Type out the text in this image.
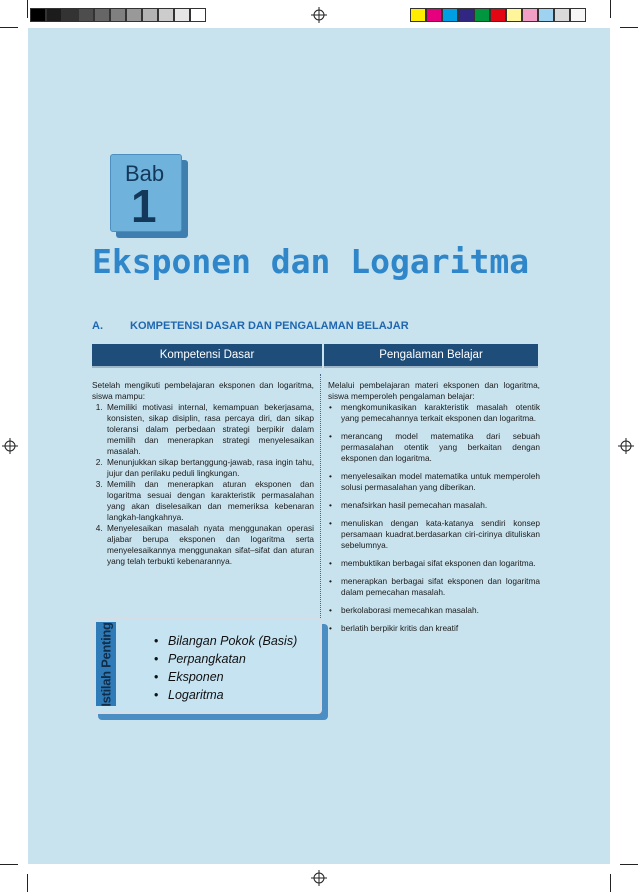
Bab
1
Eksponen dan Logaritma
A. KOMPETENSI DASAR DAN PENGALAMAN BELAJAR
Kompetensi Dasar	Pengalaman Belajar

Setelah mengikuti pembelajaran eksponen dan logaritma, siswa mampu:

1. Memiliki motivasi internal, kemampuan bekerjasama, konsisten, sikap disiplin, rasa percaya diri, dan sikap toleransi dalam perbedaan strategi berpikir dalam memilih dan menerapkan strategi menyelesaikan masalah.
2. Menunjukkan sikap bertanggung-jawab, rasa ingin tahu, jujur dan perilaku peduli lingkungan.
3. Memilih dan menerapkan aturan eksponen dan logaritma sesuai dengan karakteristik permasalahan yang akan diselesaikan dan memeriksa kebenaran langkah-langkahnya.
4. Menyelesaikan masalah nyata menggunakan operasi aljabar berupa eksponen dan logaritma serta menyelesaikannya menggunakan sifat–sifat dan aturan yang telah terbukti kebenarannya.

Melalui pembelajaran materi eksponen dan logaritma, siswa memperoleh pengalaman belajar:

• mengkomunikasikan karakteristik masalah otentik yang pemecahannya terkait eksponen dan logaritma.
• merancang model matematika dari sebuah permasalahan otentik yang berkaitan dengan eksponen dan logaritma.
• menyelesaikan model matematika untuk memperoleh solusi permasalahan yang diberikan.
• menafsirkan hasil pemecahan masalah.
• menuliskan dengan kata-katanya sendiri konsep persamaan kuadrat.berdasarkan ciri-cirinya dituliskan sebelumnya.
• membuktikan berbagai sifat eksponen dan logaritma.
• menerapkan berbagai sifat eksponen dan logaritma dalam pemecahan masalah.
• berkolaborasi memecahkan masalah.
• berlatih berpikir kritis dan kreatif
Istilah Penting
•	Bilangan Pokok (Basis)
• Perpangkatan
• Eksponen
• Logaritma
